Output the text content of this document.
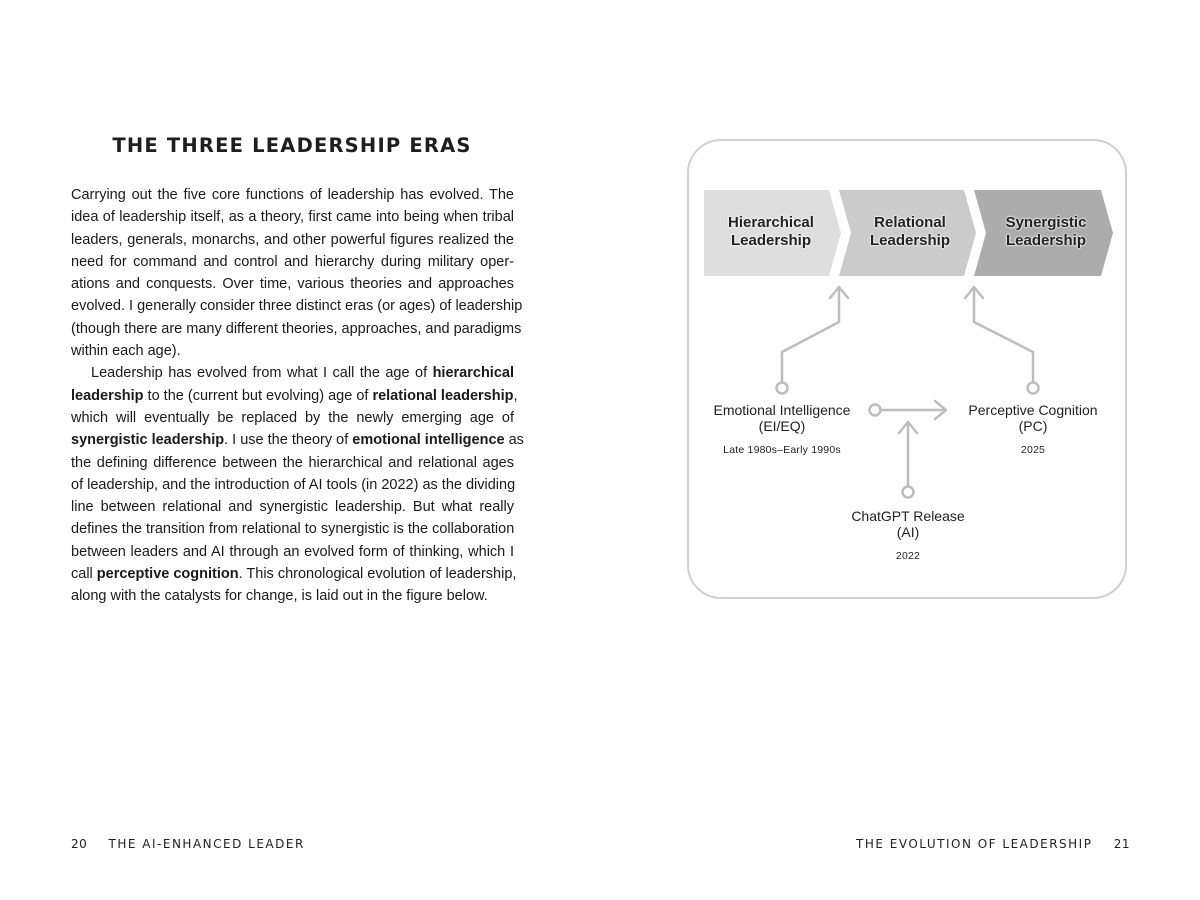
THE THREE LEADERSHIP ERAS
Carrying out the five core functions of leadership has evolved. The
idea of leadership itself, as a theory, first came into being when tribal
leaders, generals, monarchs, and other powerful figures realized the
need for command and control and hierarchy during military oper-
ations and conquests. Over time, various theories and approaches
evolved. I generally consider three distinct eras (or ages) of leadership
(though there are many different theories, approaches, and paradigms
within each age).
Leadership has evolved from what I call the age of hierarchical
leadership to the (current but evolving) age of relational leadership,
which will eventually be replaced by the newly emerging age of
synergistic leadership. I use the theory of emotional intelligence as
the defining difference between the hierarchical and relational ages
of leadership, and the introduction of AI tools (in 2022) as the dividing
line between relational and synergistic leadership. But what really
defines the transition from relational to synergistic is the collaboration
between leaders and AI through an evolved form of thinking, which I
call perceptive cognition. This chronological evolution of leadership,
along with the catalysts for change, is laid out in the figure below.
Hierarchical
Leadership
Relational
Leadership
Synergistic
Leadership
Emotional Intelligence
(EI/EQ)
Late 1980s–Early 1990s
Perceptive Cognition
(PC)
2025
ChatGPT Release
(AI)
2022
20 THE AI-ENHANCED LEADER	THE EVOLUTION OF LEADERSHIP 21
